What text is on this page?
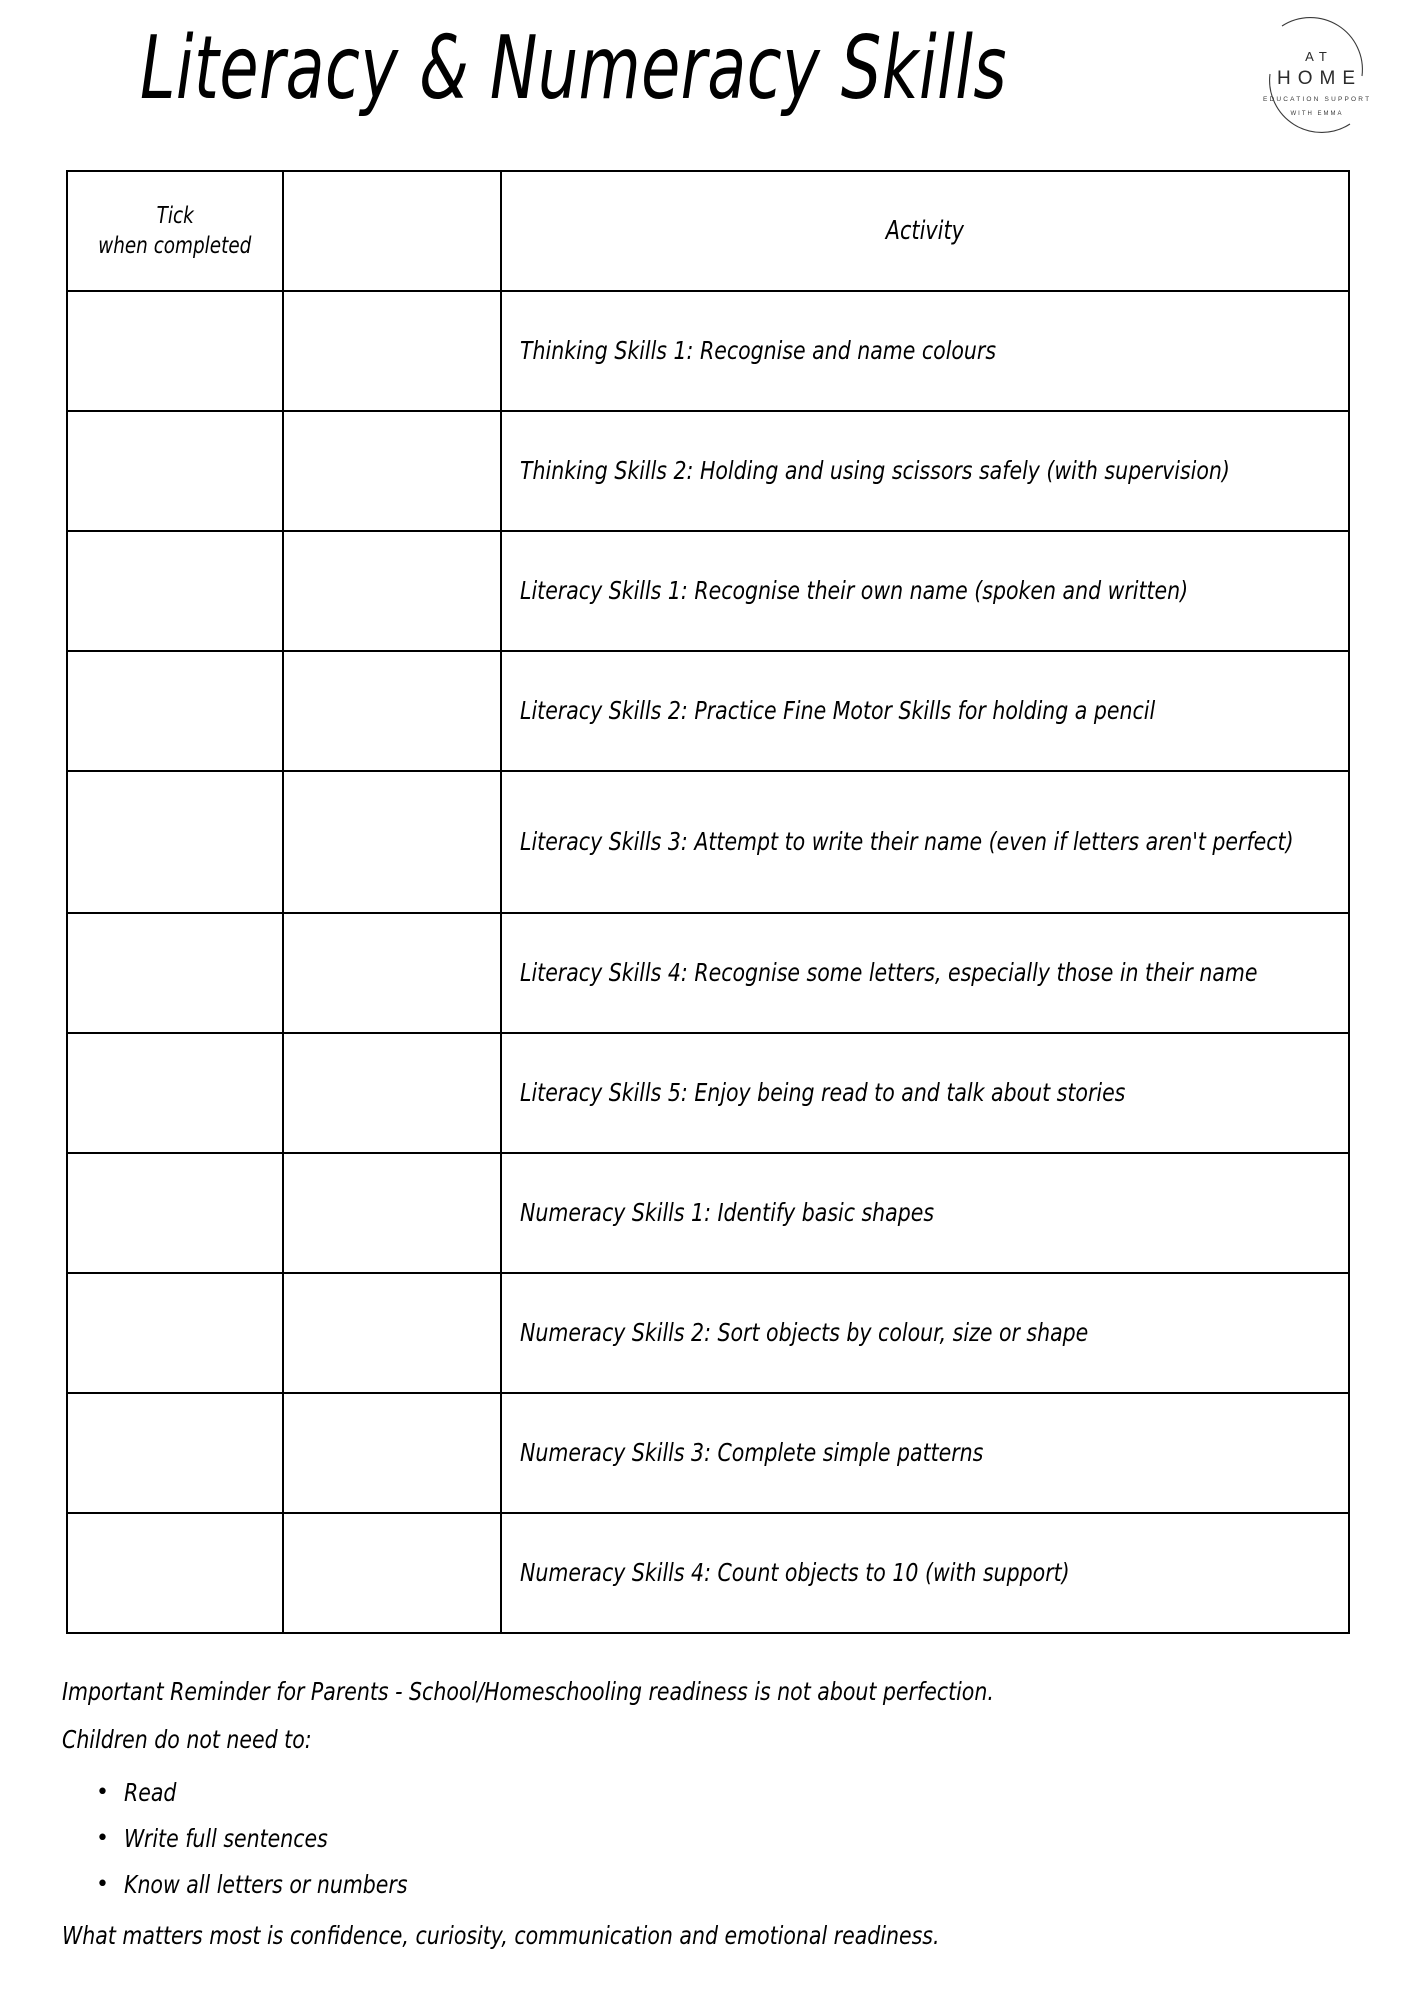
Literacy & Numeracy Skills	AT
HOME
EDUCATION SUPPORT
WITH EMMA
Tick
when completed		Activity

		Thinking Skills 1: Recognise and name colours

		Thinking Skills 2: Holding and using scissors safely (with supervision)

		Literacy Skills 1: Recognise their own name (spoken and written)

		Literacy Skills 2: Practice Fine Motor Skills for holding a pencil

		Literacy Skills 3: Attempt to write their name (even if letters aren't perfect)

		Literacy Skills 4: Recognise some letters, especially those in their name

		Literacy Skills 5: Enjoy being read to and talk about stories

		Numeracy Skills 1: Identify basic shapes

		Numeracy Skills 2: Sort objects by colour, size or shape

		Numeracy Skills 3: Complete simple patterns

		Numeracy Skills 4: Count objects to 10 (with support)
Important Reminder for Parents - School/Homeschooling readiness is not about perfection.
Children do not need to:
• Read
• Write full sentences
• Know all letters or numbers
What matters most is confidence, curiosity, communication and emotional readiness.
